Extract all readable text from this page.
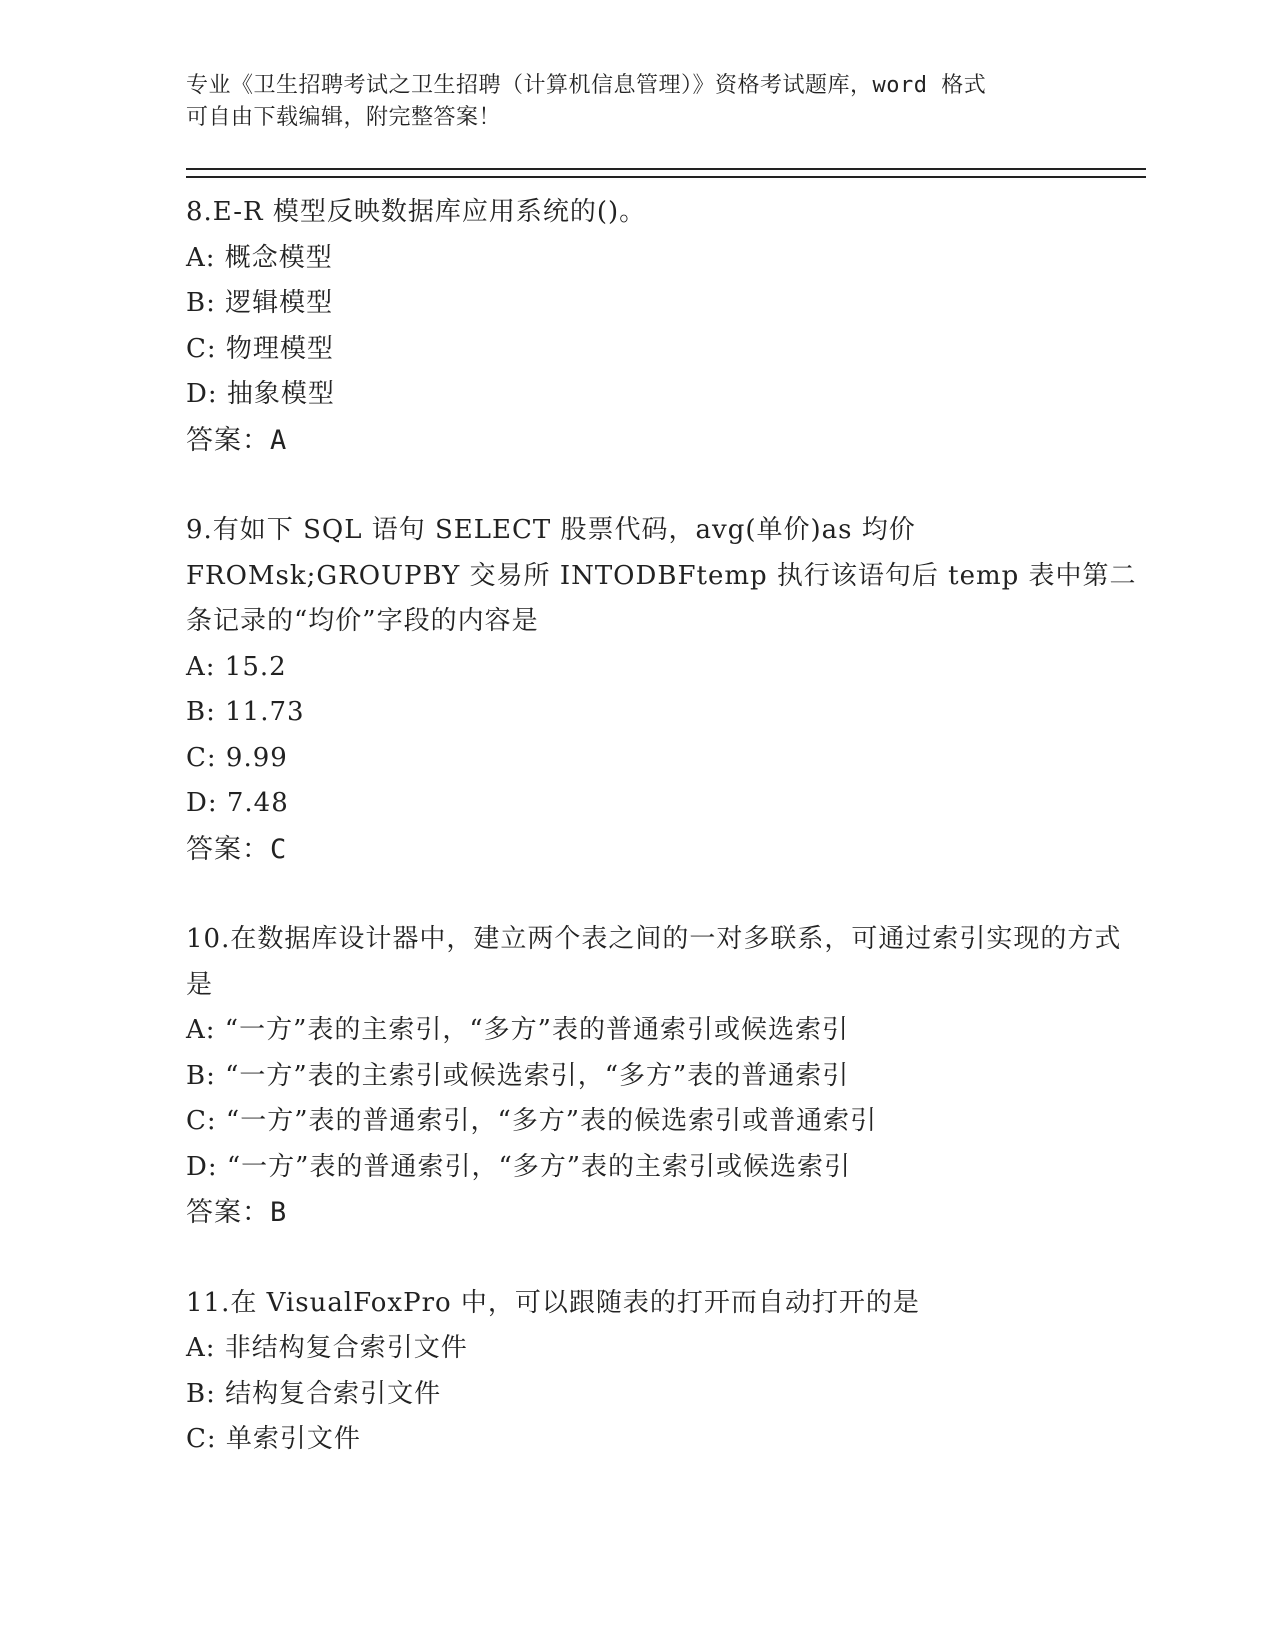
专业《卫生招聘考试之卫生招聘（计算机信息管理）》资格考试题库，word 格式
可自由下载编辑，附完整答案！

8.E-R 模型反映数据库应用系统的()。

A: 概念模型

B: 逻辑模型

C: 物理模型

D: 抽象模型

答案：A

9.有如下 SQL 语句 SELECT 股票代码，avg(单价)as 均价 FROMsk;GROUPBY 交易所 INTODBFtemp 执行该语句后 temp 表中第二条记录的“均价”字段的内容是

A: 15.2

B: 11.73

C: 9.99

D: 7.48

答案：C

10.在数据库设计器中，建立两个表之间的一对多联系，可通过索引实现的方式是

A: “一方”表的主索引，“多方”表的普通索引或候选索引

B: “一方”表的主索引或候选索引，“多方”表的普通索引

C: “一方”表的普通索引，“多方”表的候选索引或普通索引

D: “一方”表的普通索引，“多方”表的主索引或候选索引

答案：B

11.在 VisualFoxPro 中，可以跟随表的打开而自动打开的是

A: 非结构复合索引文件

B: 结构复合索引文件

C: 单索引文件
